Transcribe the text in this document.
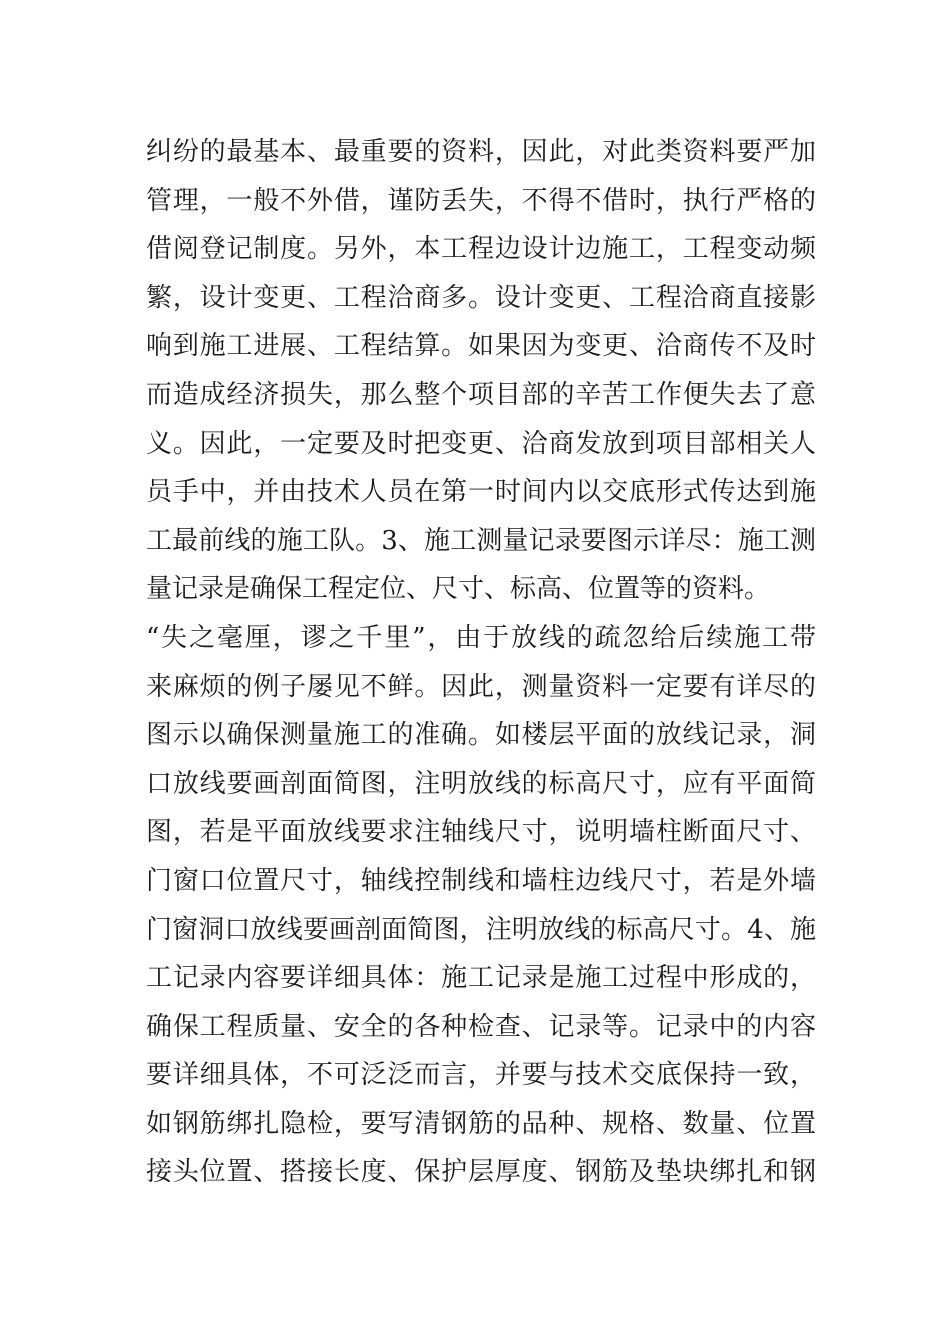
纠纷的最基本、最重要的资料，因此，对此类资料要严加
管理，一般不外借，谨防丢失，不得不借时，执行严格的
借阅登记制度。另外，本工程边设计边施工，工程变动频
繁，设计变更、工程洽商多。设计变更、工程洽商直接影
响到施工进展、工程结算。如果因为变更、洽商传不及时
而造成经济损失，那么整个项目部的辛苦工作便失去了意
义。因此，一定要及时把变更、洽商发放到项目部相关人
员手中，并由技术人员在第一时间内以交底形式传达到施
工最前线的施工队。3、施工测量记录要图示详尽：施工测
量记录是确保工程定位、尺寸、标高、位置等的资料。
“失之毫厘，谬之千里”，由于放线的疏忽给后续施工带
来麻烦的例子屡见不鲜。因此，测量资料一定要有详尽的
图示以确保测量施工的准确。如楼层平面的放线记录，洞
口放线要画剖面简图，注明放线的标高尺寸，应有平面简
图，若是平面放线要求注轴线尺寸，说明墙柱断面尺寸、
门窗口位置尺寸，轴线控制线和墙柱边线尺寸，若是外墙
门窗洞口放线要画剖面简图，注明放线的标高尺寸。4、施
工记录内容要详细具体：施工记录是施工过程中形成的，
确保工程质量、安全的各种检查、记录等。记录中的内容
要详细具体，不可泛泛而言，并要与技术交底保持一致，
如钢筋绑扎隐检，要写清钢筋的品种、规格、数量、位置
接头位置、搭接长度、保护层厚度、钢筋及垫块绑扎和钢
